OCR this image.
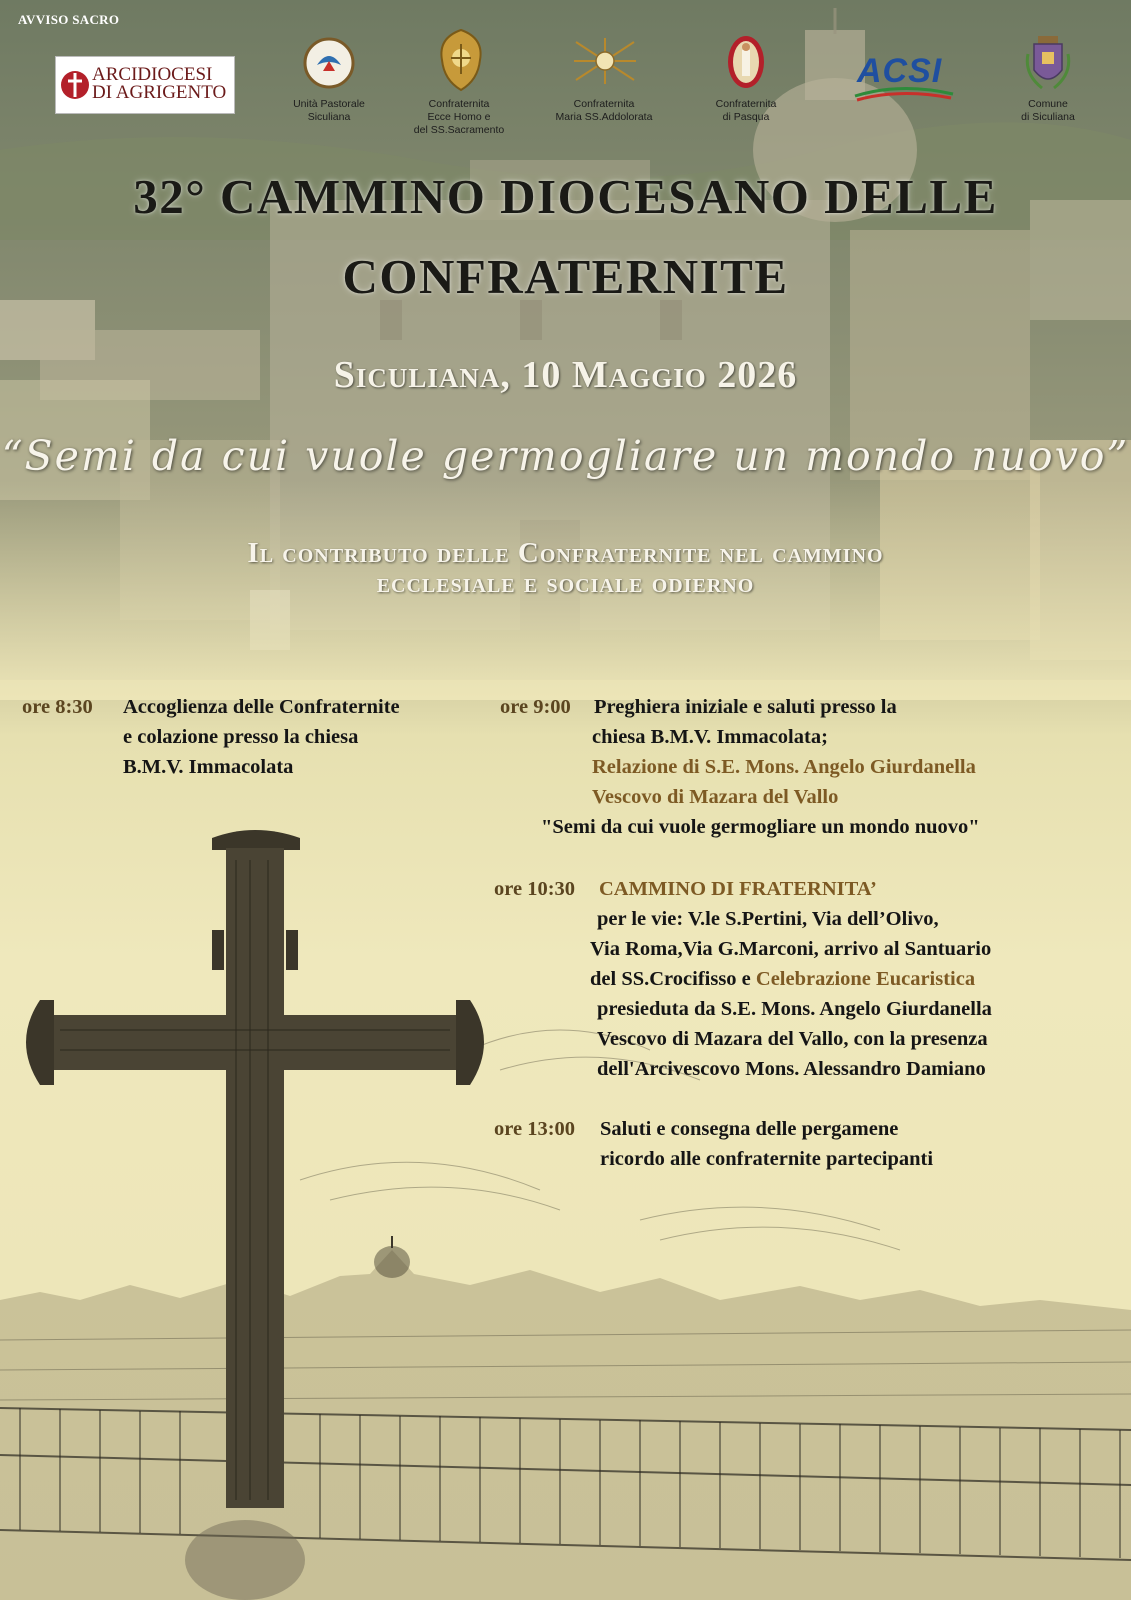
AVVISO SACRO
ARCIDIOCESI
DI AGRIGENTO
Unità Pastorale
Siculiana
Confraternita
Ecce Homo e
del SS.Sacramento
Confraternita
Maria SS.Addolorata
Confraternita
di Pasqua
ACSI
Comune
di Siculiana
32° CAMMINO DIOCESANO DELLE
CONFRATERNITE
Siculiana, 10 Maggio 2026
“Semi da cui vuole germogliare un mondo nuovo”
Il contributo delle Confraternite nel cammino
ecclesiale e sociale odierno
ore 8:30 Accoglienza delle Confraternite
e colazione presso la chiesa
B.M.V. Immacolata
ore 9:00 Preghiera iniziale e saluti presso la
chiesa B.M.V. Immacolata;
Relazione di S.E. Mons. Angelo Giurdanella
Vescovo di Mazara del Vallo
"Semi da cui vuole germogliare un mondo nuovo"
ore 10:30 CAMMINO DI FRATERNITA’
per le vie: V.le S.Pertini, Via dell’Olivo,
Via Roma,Via G.Marconi, arrivo al Santuario
del SS.Crocifisso e Celebrazione Eucaristica
presieduta da S.E. Mons. Angelo Giurdanella
Vescovo di Mazara del Vallo, con la presenza
dell'Arcivescovo Mons. Alessandro Damiano
ore 13:00 Saluti e consegna delle pergamene
ricordo alle confraternite partecipanti
